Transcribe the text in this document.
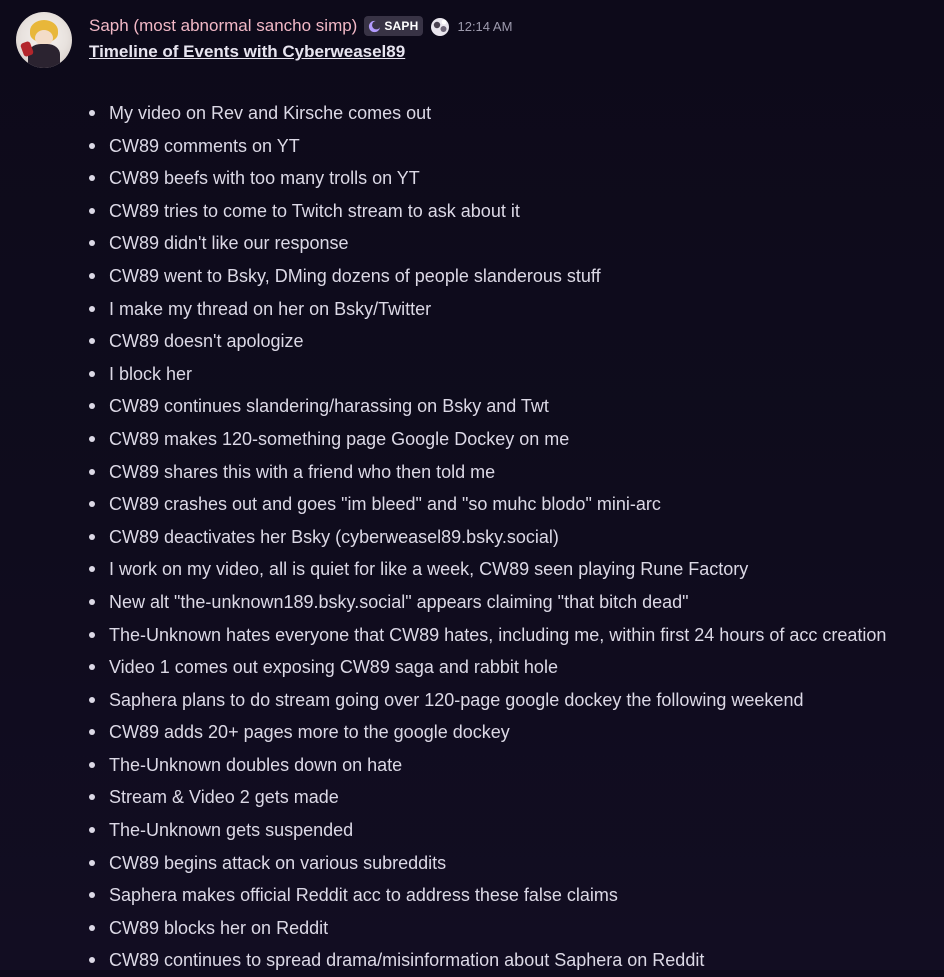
Saph (most abnormal sancho simp) SAPH	12:14 AM
Timeline of Events with Cyberweasel89
My video on Rev and Kirsche comes out
CW89 comments on YT
CW89 beefs with too many trolls on YT
CW89 tries to come to Twitch stream to ask about it
CW89 didn't like our response
CW89 went to Bsky, DMing dozens of people slanderous stuff
I make my thread on her on Bsky/Twitter
CW89 doesn't apologize
I block her
CW89 continues slandering/harassing on Bsky and Twt
CW89 makes 120-something page Google Dockey on me
CW89 shares this with a friend who then told me
CW89 crashes out and goes "im bleed" and "so muhc blodo" mini-arc
CW89 deactivates her Bsky (cyberweasel89.bsky.social)
I work on my video, all is quiet for like a week, CW89 seen playing Rune Factory
New alt "the-unknown189.bsky.social" appears claiming "that bitch dead"
The-Unknown hates everyone that CW89 hates, including me, within first 24 hours of acc creation
Video 1 comes out exposing CW89 saga and rabbit hole
Saphera plans to do stream going over 120-page google dockey the following weekend
CW89 adds 20+ pages more to the google dockey
The-Unknown doubles down on hate
Stream & Video 2 gets made
The-Unknown gets suspended
CW89 begins attack on various subreddits
Saphera makes official Reddit acc to address these false claims
CW89 blocks her on Reddit
CW89 continues to spread drama/misinformation about Saphera on Reddit
